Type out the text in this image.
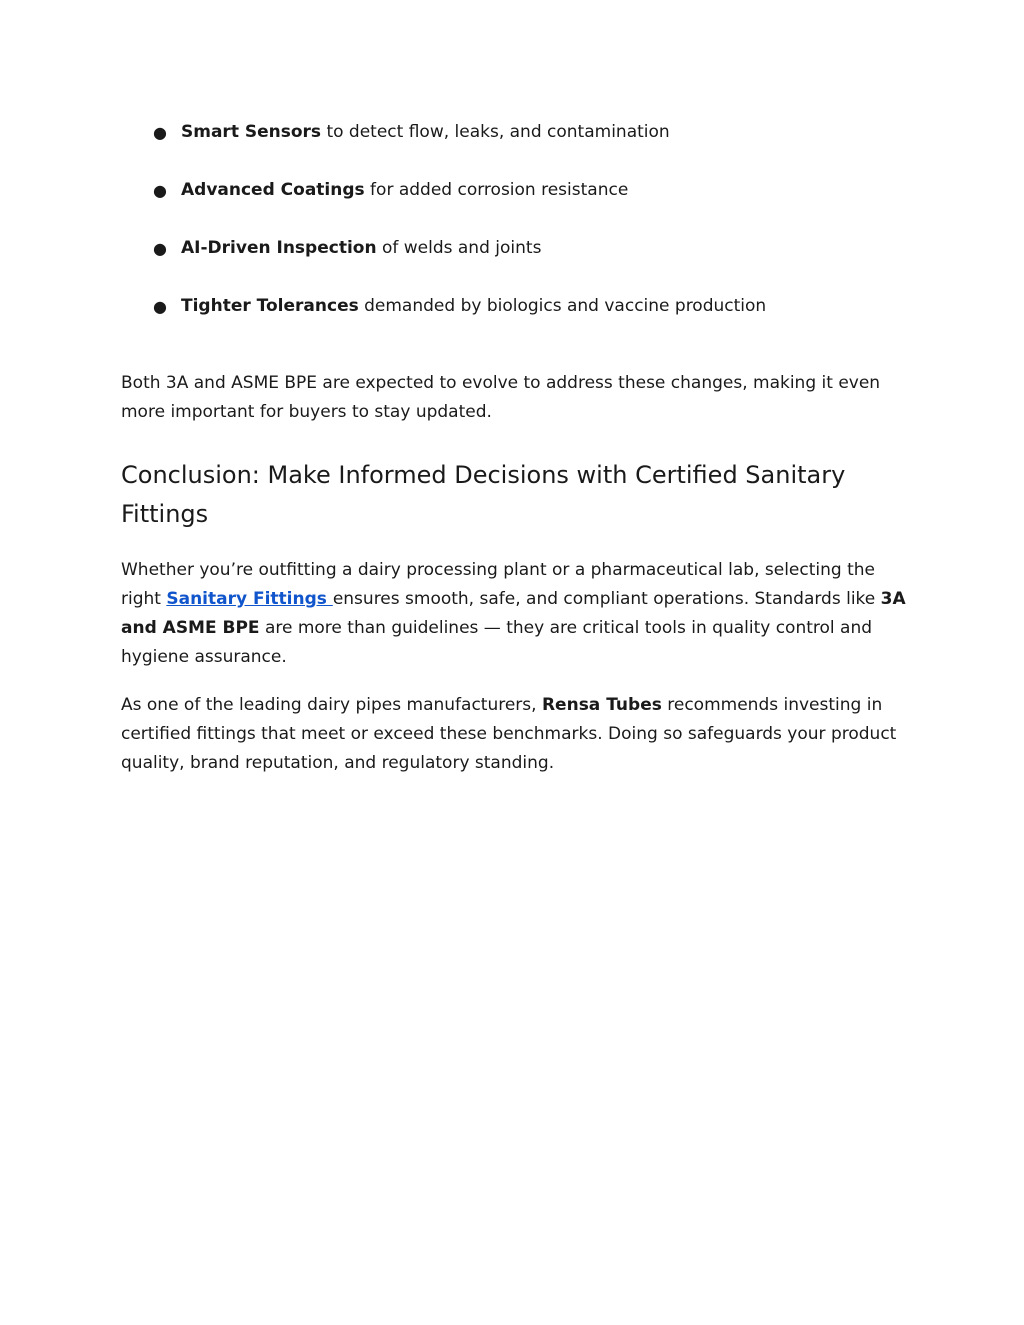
● Smart Sensors to detect flow, leaks, and contamination
● Advanced Coatings for added corrosion resistance
● AI-Driven Inspection of welds and joints
● Tighter Tolerances demanded by biologics and vaccine production

Both 3A and ASME BPE are expected to evolve to address these changes, making it even more important for buyers to stay updated.

Conclusion: Make Informed Decisions with Certified Sanitary Fittings

Whether you’re outfitting a dairy processing plant or a pharmaceutical lab, selecting the right Sanitary Fittings ensures smooth, safe, and compliant operations. Standards like 3A and ASME BPE are more than guidelines — they are critical tools in quality control and hygiene assurance.

As one of the leading dairy pipes manufacturers, Rensa Tubes recommends investing in certified fittings that meet or exceed these benchmarks. Doing so safeguards your product quality, brand reputation, and regulatory standing.
